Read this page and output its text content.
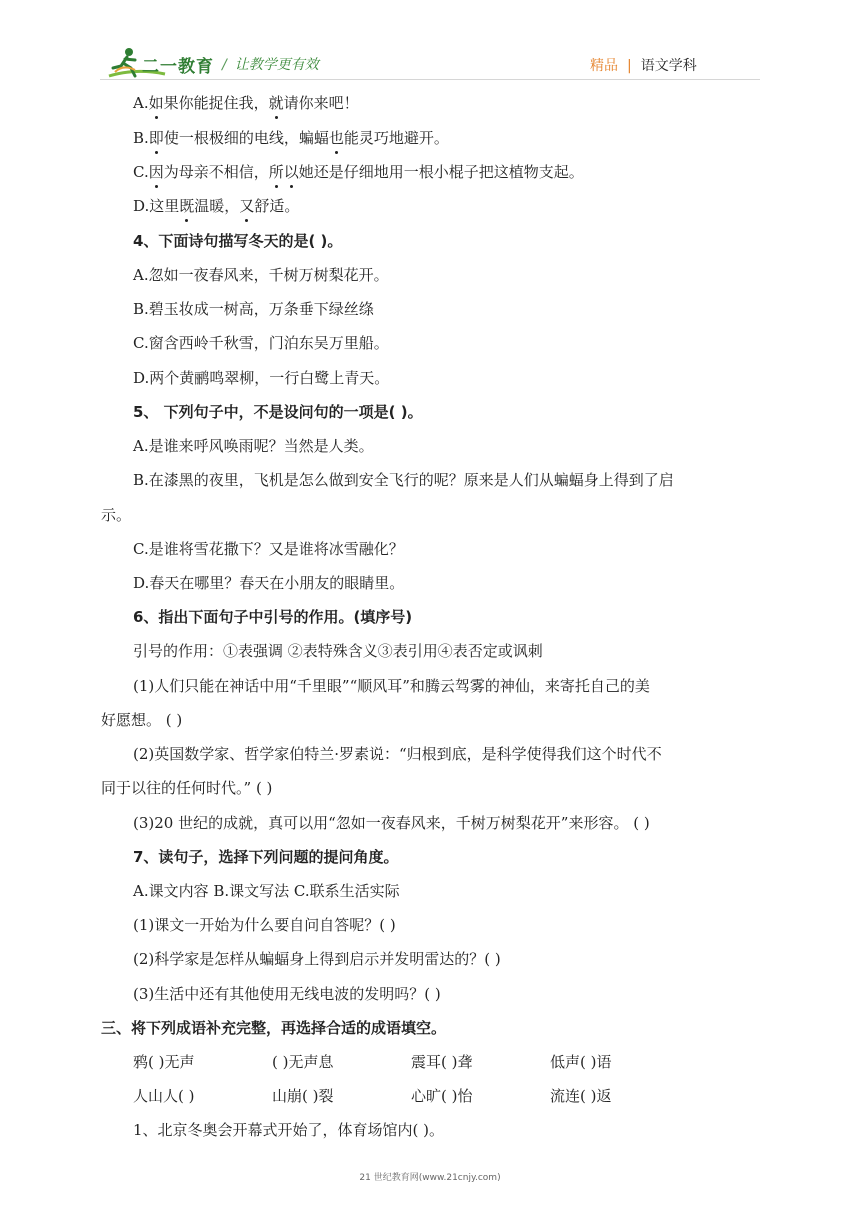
二一教育 / 让教学更有效	精品 | 语文学科
A.如果你能捉住我，就请你来吧！
B.即使一根极细的电线，蝙蝠也能灵巧地避开。
C.因为母亲不相信，所以她还是仔细地用一根小棍子把这植物支起。
D.这里既温暖，又舒适。
4、下面诗句描写冬天的是( )。
A.忽如一夜春风来，千树万树梨花开。
B.碧玉妆成一树高，万条垂下绿丝绦
C.窗含西岭千秋雪，门泊东吴万里船。
D.两个黄鹂鸣翠柳，一行白鹭上青天。
5、 下列句子中，不是设问句的一项是( )。
A.是谁来呼风唤雨呢？当然是人类。
B.在漆黑的夜里，飞机是怎么做到安全飞行的呢？原来是人们从蝙蝠身上得到了启
示。
C.是谁将雪花撒下？又是谁将冰雪融化？
D.春天在哪里？春天在小朋友的眼睛里。
6、指出下面句子中引号的作用。(填序号)
引号的作用：①表强调 ②表特殊含义③表引用④表否定或讽刺
(1)人们只能在神话中用“千里眼”“顺风耳”和腾云驾雾的神仙，来寄托自己的美
好愿想。 ( )
(2)英国数学家、哲学家伯特兰·罗素说：“归根到底，是科学使得我们这个时代不
同于以往的任何时代。” ( )
(3)20 世纪的成就，真可以用“忽如一夜春风来，千树万树梨花开”来形容。 ( )
7、读句子，选择下列问题的提问角度。
A.课文内容 B.课文写法 C.联系生活实际
(1)课文一开始为什么要自问自答呢？( )
(2)科学家是怎样从蝙蝠身上得到启示并发明雷达的？( )
(3)生活中还有其他使用无线电波的发明吗？( )
三、将下列成语补充完整，再选择合适的成语填空。
鸦( )无声	( )无声息	震耳( )聋	低声( )语
人山人( )	山崩( )裂	心旷( )怡	流连( )返
1、北京冬奥会开幕式开始了，体育场馆内( )。
21 世纪教育网(www.21cnjy.com)
